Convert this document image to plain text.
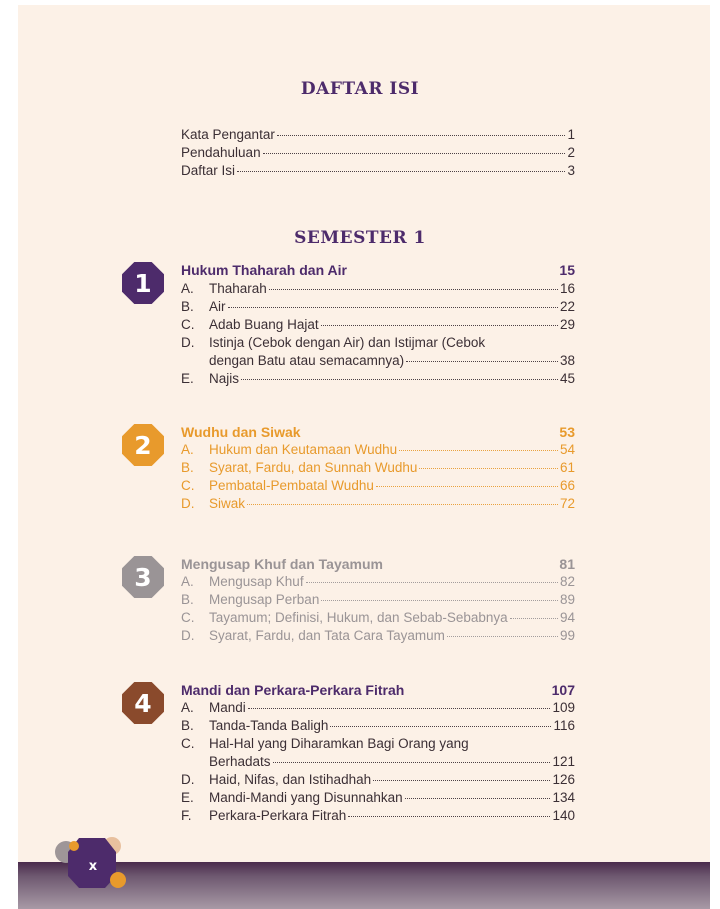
DAFTAR ISI
Kata Pengantar	1
Pendahuluan	2
Daftar Isi	3
SEMESTER 1
1 Hukum Thaharah dan Air	15
A. Thaharah	16
B. Air	22
C. Adab Buang Hajat	29
D. Istinja (Cebok dengan Air) dan Istijmar (Cebok
dengan Batu atau semacamnya)	38
E. Najis	45
2 Wudhu dan Siwak	53
A. Hukum dan Keutamaan Wudhu	54
B. Syarat, Fardu, dan Sunnah Wudhu	61
C. Pembatal-Pembatal Wudhu	66
D. Siwak	72
3 Mengusap Khuf dan Tayamum	81
A. Mengusap Khuf	82
B. Mengusap Perban	89
C. Tayamum; Definisi, Hukum, dan Sebab-Sebabnya	94
D. Syarat, Fardu, dan Tata Cara Tayamum	99
4 Mandi dan Perkara-Perkara Fitrah	107
A. Mandi	109
B. Tanda-Tanda Baligh	116
C. Hal-Hal yang Diharamkan Bagi Orang yang
Berhadats	121
D. Haid, Nifas, dan Istihadhah	126
E. Mandi-Mandi yang Disunnahkan	134
F. Perkara-Perkara Fitrah	140
x
